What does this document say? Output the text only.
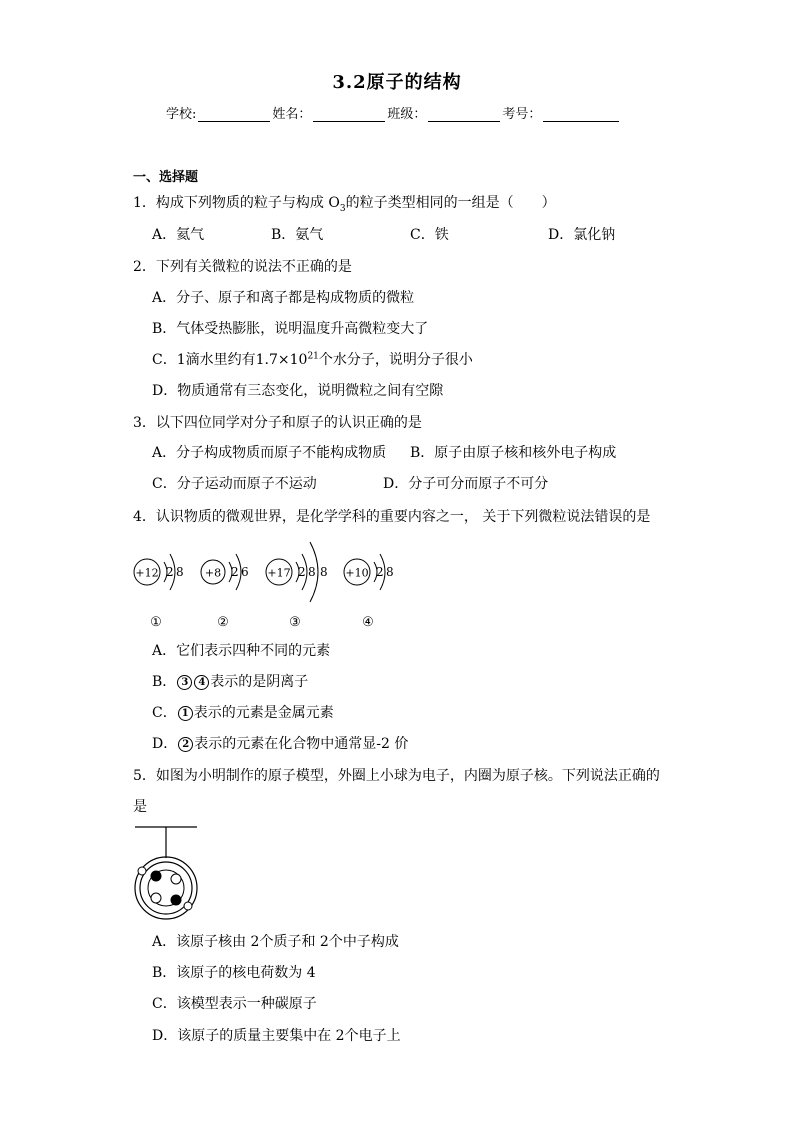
3.2原子的结构
学校:	姓名：	班级：	考号：
一、选择题
1．构成下列物质的粒子与构成 $O_3$的粒子类型相同的一组是（　　）
A．氦气	B．氨气	C．铁	D．氯化钠
2．下列有关微粒的说法不正确的是
A．分子、原子和离子都是构成物质的微粒
B．气体受热膨胀，说明温度升高微粒变大了
C．1滴水里约有$1.7\times 10^{21}$个水分子，说明分子很小
D．物质通常有三态变化，说明微粒之间有空隙
3．以下四位同学对分子和原子的认识正确的是
A．分子构成物质而原子不能构成物质 B．原子由原子核和核外电子构成
C．分子运动而原子不运动	D．分子可分而原子不可分
4．认识物质的微观世界，是化学学科的重要内容之一， 关于下列微粒说法错误的是
+12 2 8
①
+8 2 6
②
+17 2 8 8
③
+10 2 8
④
A．它们表示四种不同的元素
B． 3 4 表示的是阴离子
C． 1 表示的元素是金属元素
D． 2 表示的元素在化合物中通常显-2 价
5．如图为小明制作的原子模型，外圈上小球为电子，内圈为原子核。下列说法正确的
是
A．该原子核由 2个质子和 2个中子构成
B．该原子的核电荷数为 4
C．该模型表示一种碳原子
D．该原子的质量主要集中在 2个电子上
